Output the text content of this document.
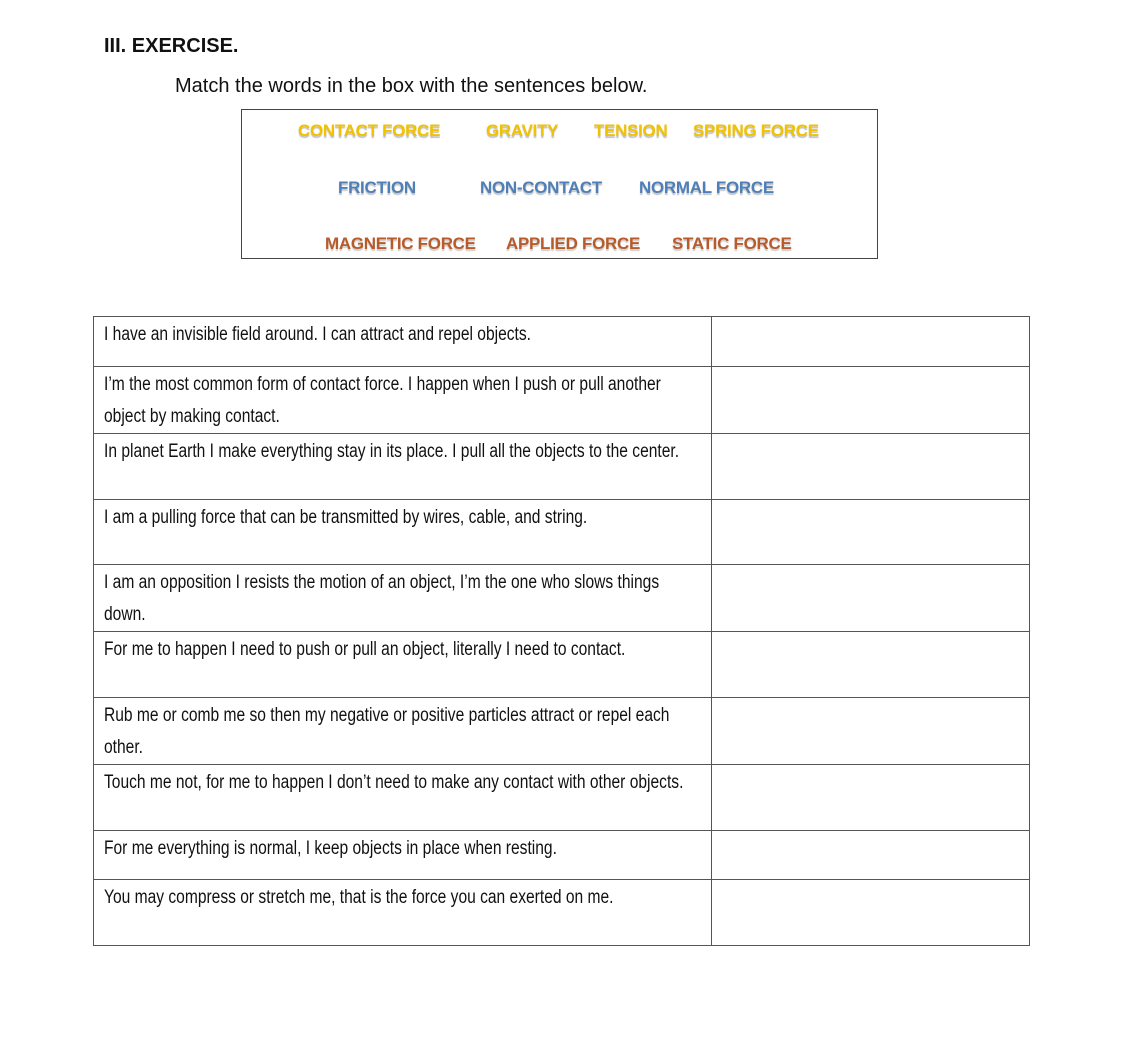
III. EXERCISE.
Match the words in the box with the sentences below.
CONTACT FORCE	GRAVITY TENSION SPRING FORCE
FRICTION	NON-CONTACT NORMAL FORCE
MAGNETIC FORCE APPLIED FORCE STATIC FORCE
I have an invisible field around. I can attract and repel objects.	
I’m the most common form of contact force. I happen when I push or pull another object by making contact.	
In planet Earth I make everything stay in its place. I pull all the objects to the center.	
I am a pulling force that can be transmitted by wires, cable, and string.	
I am an opposition I resists the motion of an object, I’m the one who slows things down.	
For me to happen I need to push or pull an object, literally I need to contact.	
Rub me or comb me so then my negative or positive particles attract or repel each other.	
Touch me not, for me to happen I don’t need to make any contact with other objects.	
For me everything is normal, I keep objects in place when resting.	
You may compress or stretch me, that is the force you can exerted on me.	
